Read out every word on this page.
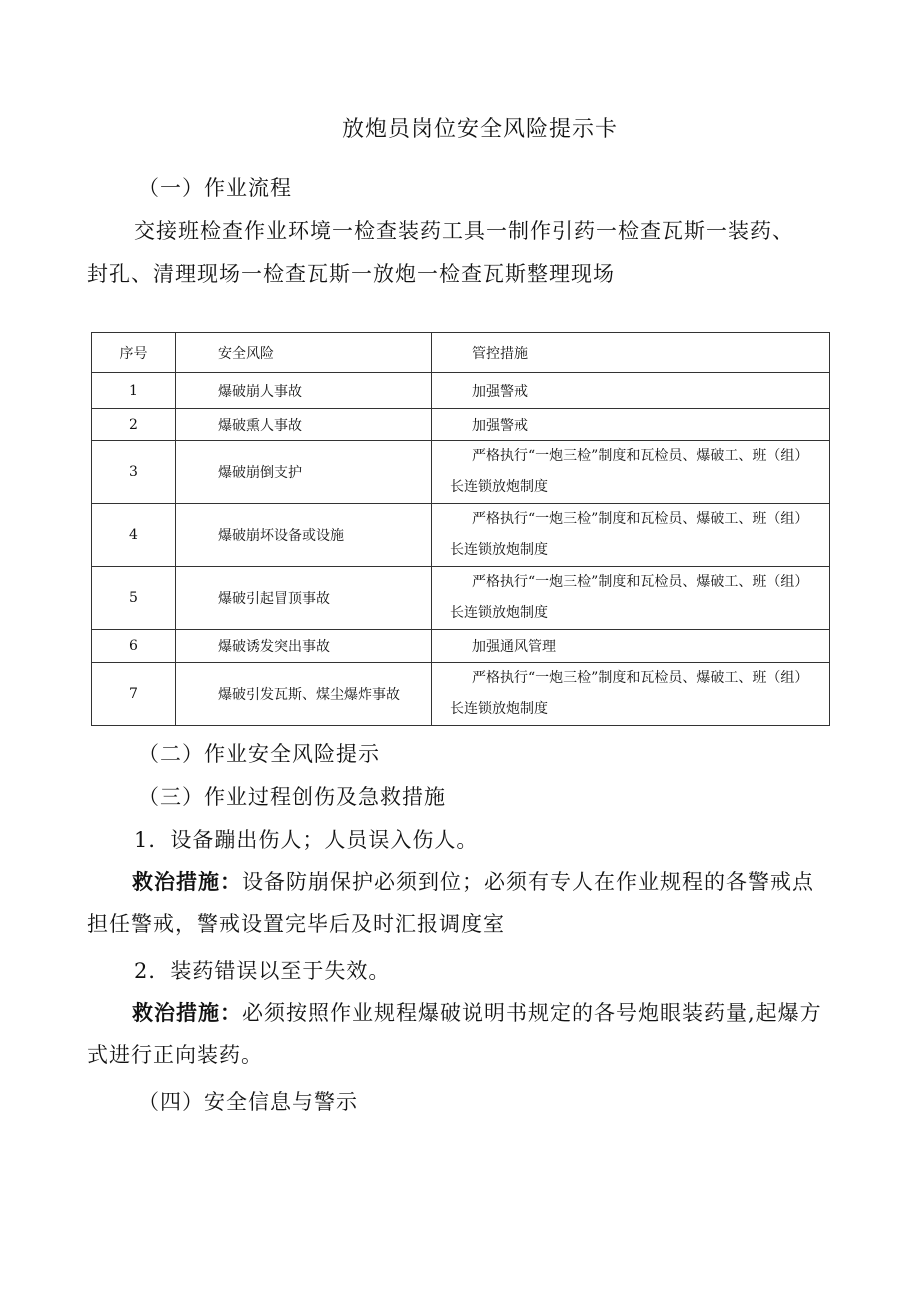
放炮员岗位安全风险提示卡
（一）作业流程
交接班检查作业环境一检查装药工具一制作引药一检查瓦斯一装药、
封孔、清理现场一检查瓦斯一放炮一检查瓦斯整理现场
序号	安全风险	管控措施
1	爆破崩人事故	加强警戒
2	爆破熏人事故	加强警戒
3	爆破崩倒支护	严格执行“一炮三检”制度和瓦检员、爆破工、班（组）
长连锁放炮制度
4	爆破崩坏设备或设施	严格执行“一炮三检”制度和瓦检员、爆破工、班（组）
长连锁放炮制度
5	爆破引起冒顶事故	严格执行“一炮三检”制度和瓦检员、爆破工、班（组）
长连锁放炮制度
6	爆破诱发突出事故	加强通风管理
7	爆破引发瓦斯、煤尘爆炸事故	严格执行“一炮三检”制度和瓦检员、爆破工、班（组）
长连锁放炮制度
（二）作业安全风险提示
（三）作业过程创伤及急救措施
1．设备蹦出伤人；人员误入伤人。
救治措施：设备防崩保护必须到位；必须有专人在作业规程的各警戒点担任警戒，警戒设置完毕后及时汇报调度室
2．装药错误以至于失效。
救治措施：必须按照作业规程爆破说明书规定的各号炮眼装药量,起爆方式进行正向装药。
（四）安全信息与警示
